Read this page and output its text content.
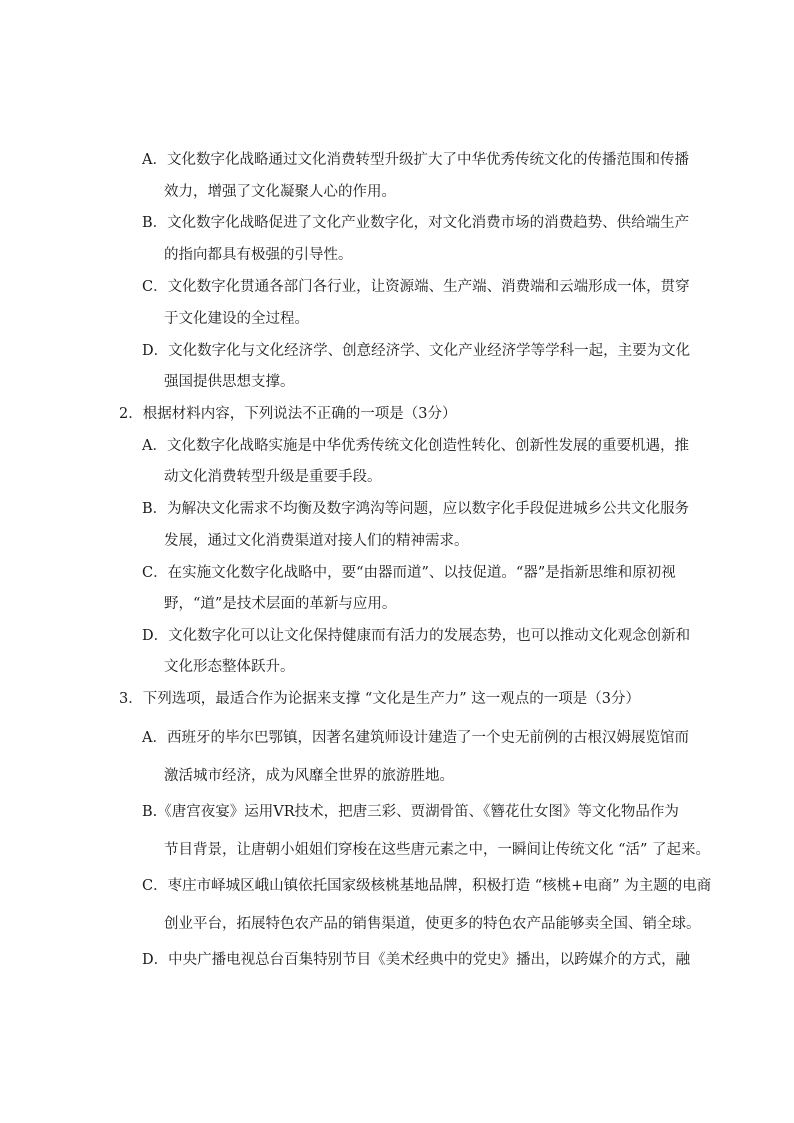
A．文化数字化战略通过文化消费转型升级扩大了中华优秀传统文化的传播范围和传播
效力，增强了文化凝聚人心的作用。
B．文化数字化战略促进了文化产业数字化，对文化消费市场的消费趋势、供给端生产
的指向都具有极强的引导性。
C．文化数字化贯通各部门各行业，让资源端、生产端、消费端和云端形成一体，贯穿
于文化建设的全过程。
D．文化数字化与文化经济学、创意经济学、文化产业经济学等学科一起，主要为文化
强国提供思想支撑。
2．根据材料内容，下列说法不正确的一项是（3分）
A．文化数字化战略实施是中华优秀传统文化创造性转化、创新性发展的重要机遇，推
动文化消费转型升级是重要手段。
B．为解决文化需求不均衡及数字鸿沟等问题，应以数字化手段促进城乡公共文化服务
发展，通过文化消费渠道对接人们的精神需求。
C．在实施文化数字化战略中，要“由器而道”、以技促道。“器”是指新思维和原初视
野，“道”是技术层面的革新与应用。
D．文化数字化可以让文化保持健康而有活力的发展态势，也可以推动文化观念创新和
文化形态整体跃升。
3．下列选项，最适合作为论据来支撑 “文化是生产力” 这一观点的一项是（3分）
A．西班牙的毕尔巴鄂镇，因著名建筑师设计建造了一个史无前例的古根汉姆展览馆而
激活城市经济，成为风靡全世界的旅游胜地。
B.《唐宫夜宴》运用VR技术，把唐三彩、贾湖骨笛、《簪花仕女图》等文化物品作为
节目背景，让唐朝小姐姐们穿梭在这些唐元素之中，一瞬间让传统文化 “活” 了起来。
C．枣庄市峄城区峨山镇依托国家级核桃基地品牌，积极打造 “核桃+电商” 为主题的电商
创业平台，拓展特色农产品的销售渠道，使更多的特色农产品能够卖全国、销全球。
D．中央广播电视总台百集特别节目《美术经典中的党史》播出，以跨媒介的方式，融
